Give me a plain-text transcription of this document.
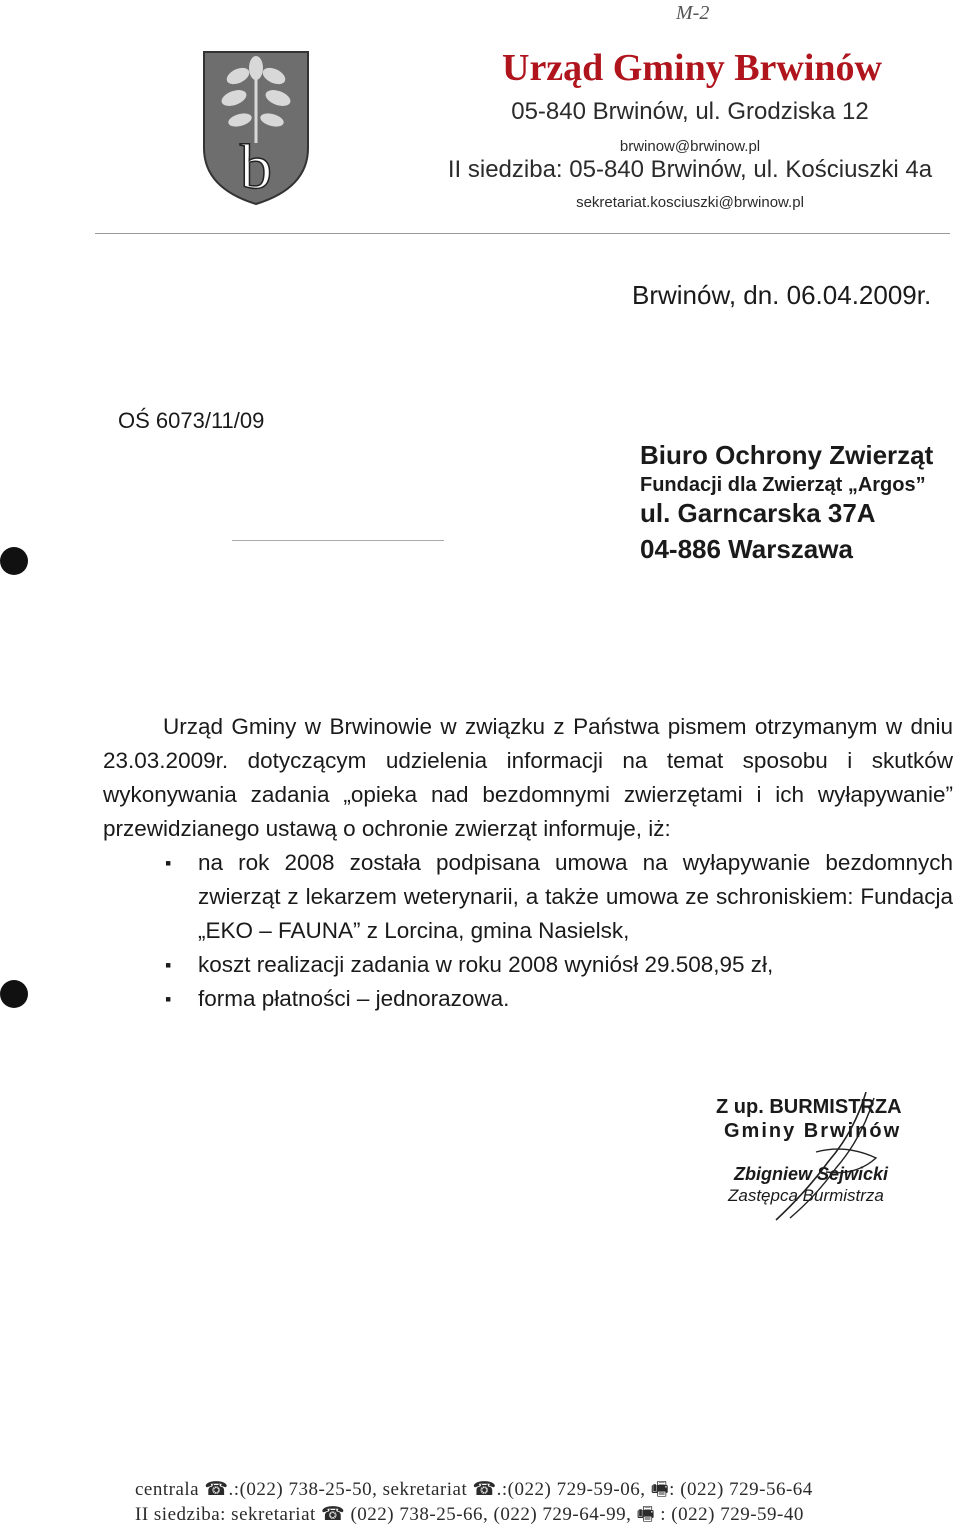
M-2
b
Urząd Gminy Brwinów
05-840 Brwinów, ul. Grodziska 12
brwinow@brwinow.pl
II siedziba: 05-840 Brwinów, ul. Kościuszki 4a
sekretariat.kosciuszki@brwinow.pl
Brwinów, dn. 06.04.2009r.
OŚ 6073/11/09
Biuro Ochrony Zwierząt
Fundacji dla Zwierząt „Argos”
ul. Garncarska 37A
04-886 Warszawa

Urząd Gminy w Brwinowie w związku z Państwa pismem otrzymanym w dniu 23.03.2009r. dotyczącym udzielenia informacji na temat sposobu i skutków wykonywania zadania „opieka nad bezdomnymi zwierzętami i ich wyłapywanie” przewidzianego ustawą o ochronie zwierząt informuje, iż:

▪ na rok 2008 została podpisana umowa na wyłapywanie bezdomnych zwierząt z lekarzem weterynarii, a także umowa ze schroniskiem: Fundacja „EKO – FAUNA” z Lorcina, gmina Nasielsk,
▪ koszt realizacji zadania w roku 2008 wyniósł 29.508,95 zł,
▪ forma płatności – jednorazowa.
Z up. BURMISTRZA
Gminy Brwinów
Zbigniew Sejwicki
Zastępca Burmistrza
centrala ☎.:(022) 738-25-50, sekretariat ☎.:(022) 729-59-06, 🖷: (022) 729-56-64
II siedziba: sekretariat ☎ (022) 738-25-66, (022) 729-64-99, 🖷 : (022) 729-59-40
